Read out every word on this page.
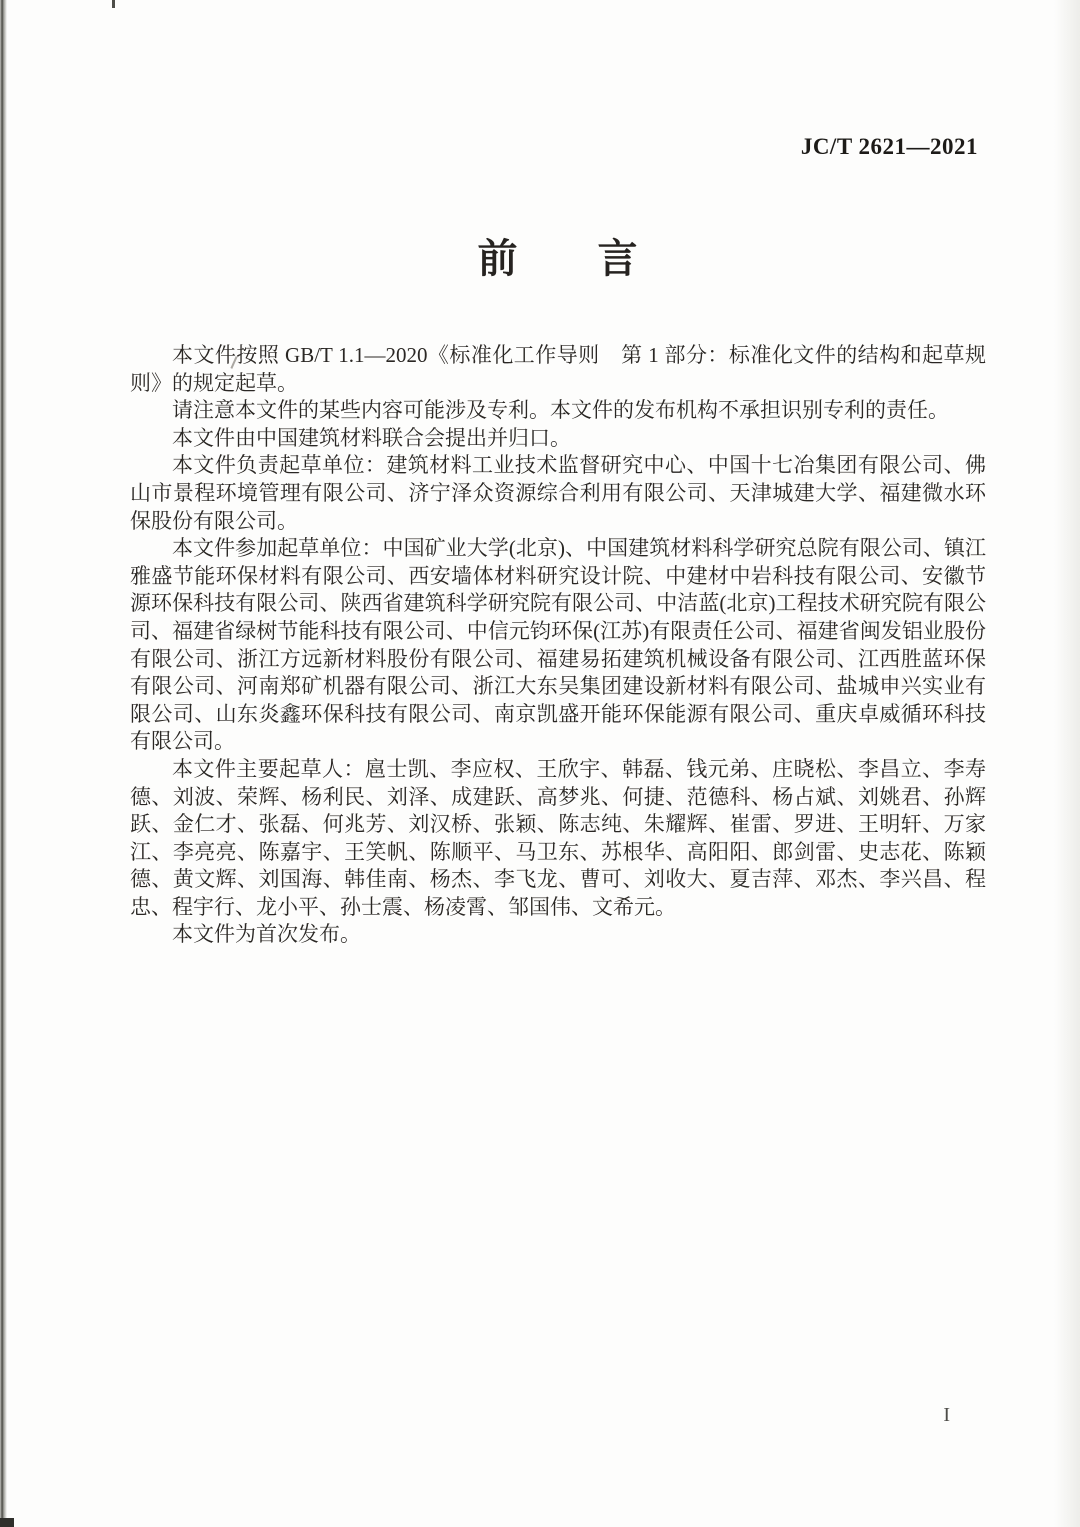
JC/T 2621—2021
前　　言

本文件按照 GB/T 1.1—2020《标准化工作导则　第 1 部分：标准化文件的结构和起草规则》的规定起草。

请注意本文件的某些内容可能涉及专利。本文件的发布机构不承担识别专利的责任。

本文件由中国建筑材料联合会提出并归口。

本文件负责起草单位：建筑材料工业技术监督研究中心、中国十七冶集团有限公司、佛山市景程环境管理有限公司、济宁泽众资源综合利用有限公司、天津城建大学、福建微水环保股份有限公司。

本文件参加起草单位：中国矿业大学(北京)、中国建筑材料科学研究总院有限公司、镇江雅盛节能环保材料有限公司、西安墙体材料研究设计院、中建材中岩科技有限公司、安徽节源环保科技有限公司、陕西省建筑科学研究院有限公司、中洁蓝(北京)工程技术研究院有限公司、福建省绿树节能科技有限公司、中信元钧环保(江苏)有限责任公司、福建省闽发铝业股份有限公司、浙江方远新材料股份有限公司、福建易拓建筑机械设备有限公司、江西胜蓝环保有限公司、河南郑矿机器有限公司、浙江大东吴集团建设新材料有限公司、盐城申兴实业有限公司、山东炎鑫环保科技有限公司、南京凯盛开能环保能源有限公司、重庆卓威循环科技有限公司。

本文件主要起草人：扈士凯、李应权、王欣宇、韩磊、钱元弟、庄晓松、李昌立、李寿德、刘波、荣辉、杨利民、刘泽、成建跃、高梦兆、何捷、范德科、杨占斌、刘姚君、孙辉跃、金仁才、张磊、何兆芳、刘汉桥、张颖、陈志纯、朱耀辉、崔雷、罗进、王明轩、万家江、李亮亮、陈嘉宇、王笑帆、陈顺平、马卫东、苏根华、高阳阳、郎剑雷、史志花、陈颖德、黄文辉、刘国海、韩佳南、杨杰、李飞龙、曹可、刘收大、夏吉萍、邓杰、李兴昌、程忠、程宇行、龙小平、孙士震、杨凌霄、邹国伟、文希元。

本文件为首次发布。

I
